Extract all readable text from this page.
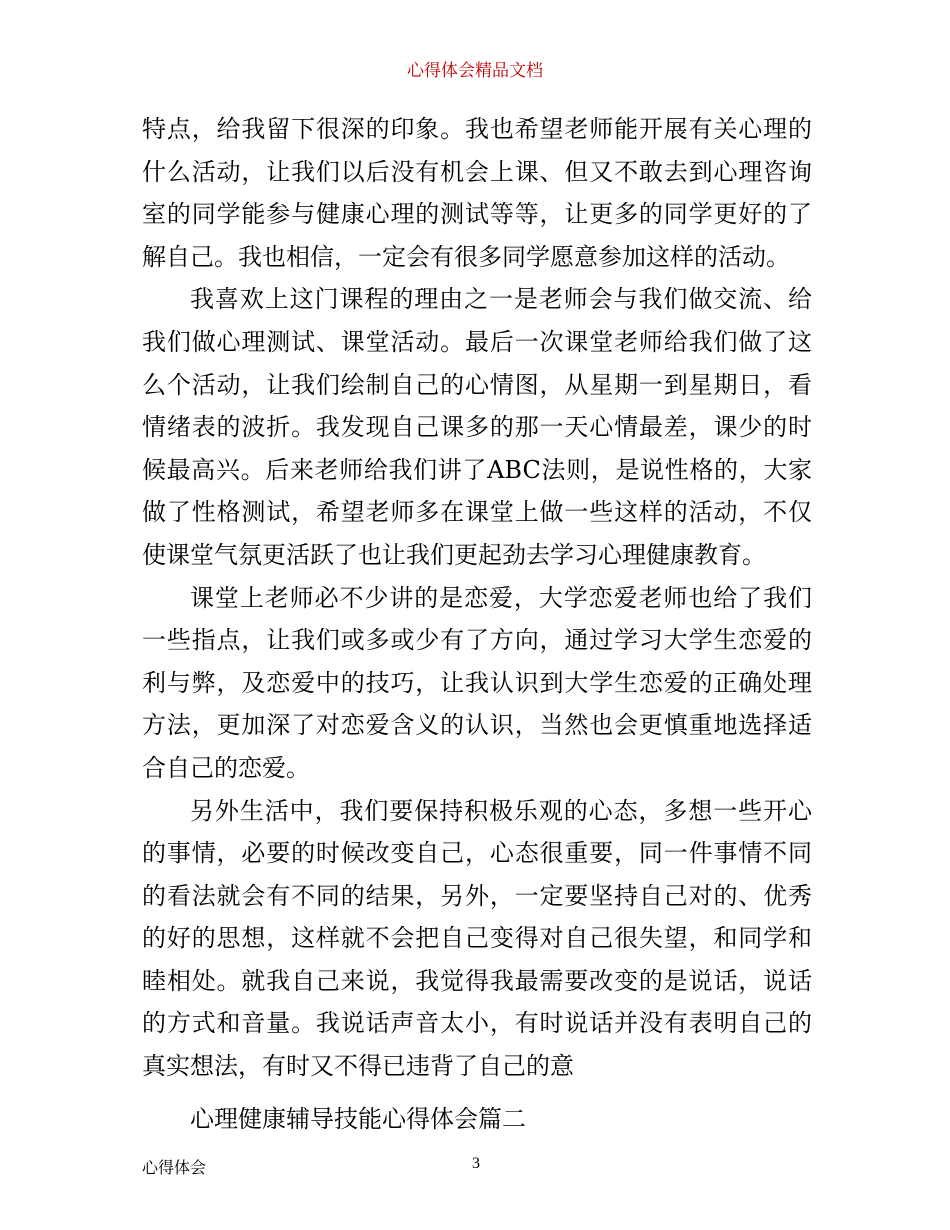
心得体会精品文档

特点，给我留下很深的印象。我也希望老师能开展有关心理的什么活动，让我们以后没有机会上课、但又不敢去到心理咨询室的同学能参与健康心理的测试等等，让更多的同学更好的了解自己。我也相信，一定会有很多同学愿意参加这样的活动。

我喜欢上这门课程的理由之一是老师会与我们做交流、给我们做心理测试、课堂活动。最后一次课堂老师给我们做了这么个活动，让我们绘制自己的心情图，从星期一到星期日，看情绪表的波折。我发现自己课多的那一天心情最差，课少的时候最高兴。后来老师给我们讲了ABC法则，是说性格的，大家做了性格测试，希望老师多在课堂上做一些这样的活动，不仅使课堂气氛更活跃了也让我们更起劲去学习心理健康教育。

课堂上老师必不少讲的是恋爱，大学恋爱老师也给了我们一些指点，让我们或多或少有了方向，通过学习大学生恋爱的利与弊，及恋爱中的技巧，让我认识到大学生恋爱的正确处理方法，更加深了对恋爱含义的认识，当然也会更慎重地选择适合自己的恋爱。

另外生活中，我们要保持积极乐观的心态，多想一些开心的事情，必要的时候改变自己，心态很重要，同一件事情不同的看法就会有不同的结果，另外，一定要坚持自己对的、优秀的好的思想，这样就不会把自己变得对自己很失望，和同学和睦相处。就我自己来说，我觉得我最需要改变的是说话，说话的方式和音量。我说话声音太小，有时说话并没有表明自己的真实想法，有时又不得已违背了自己的意

心理健康辅导技能心得体会篇二

心得体会	3
